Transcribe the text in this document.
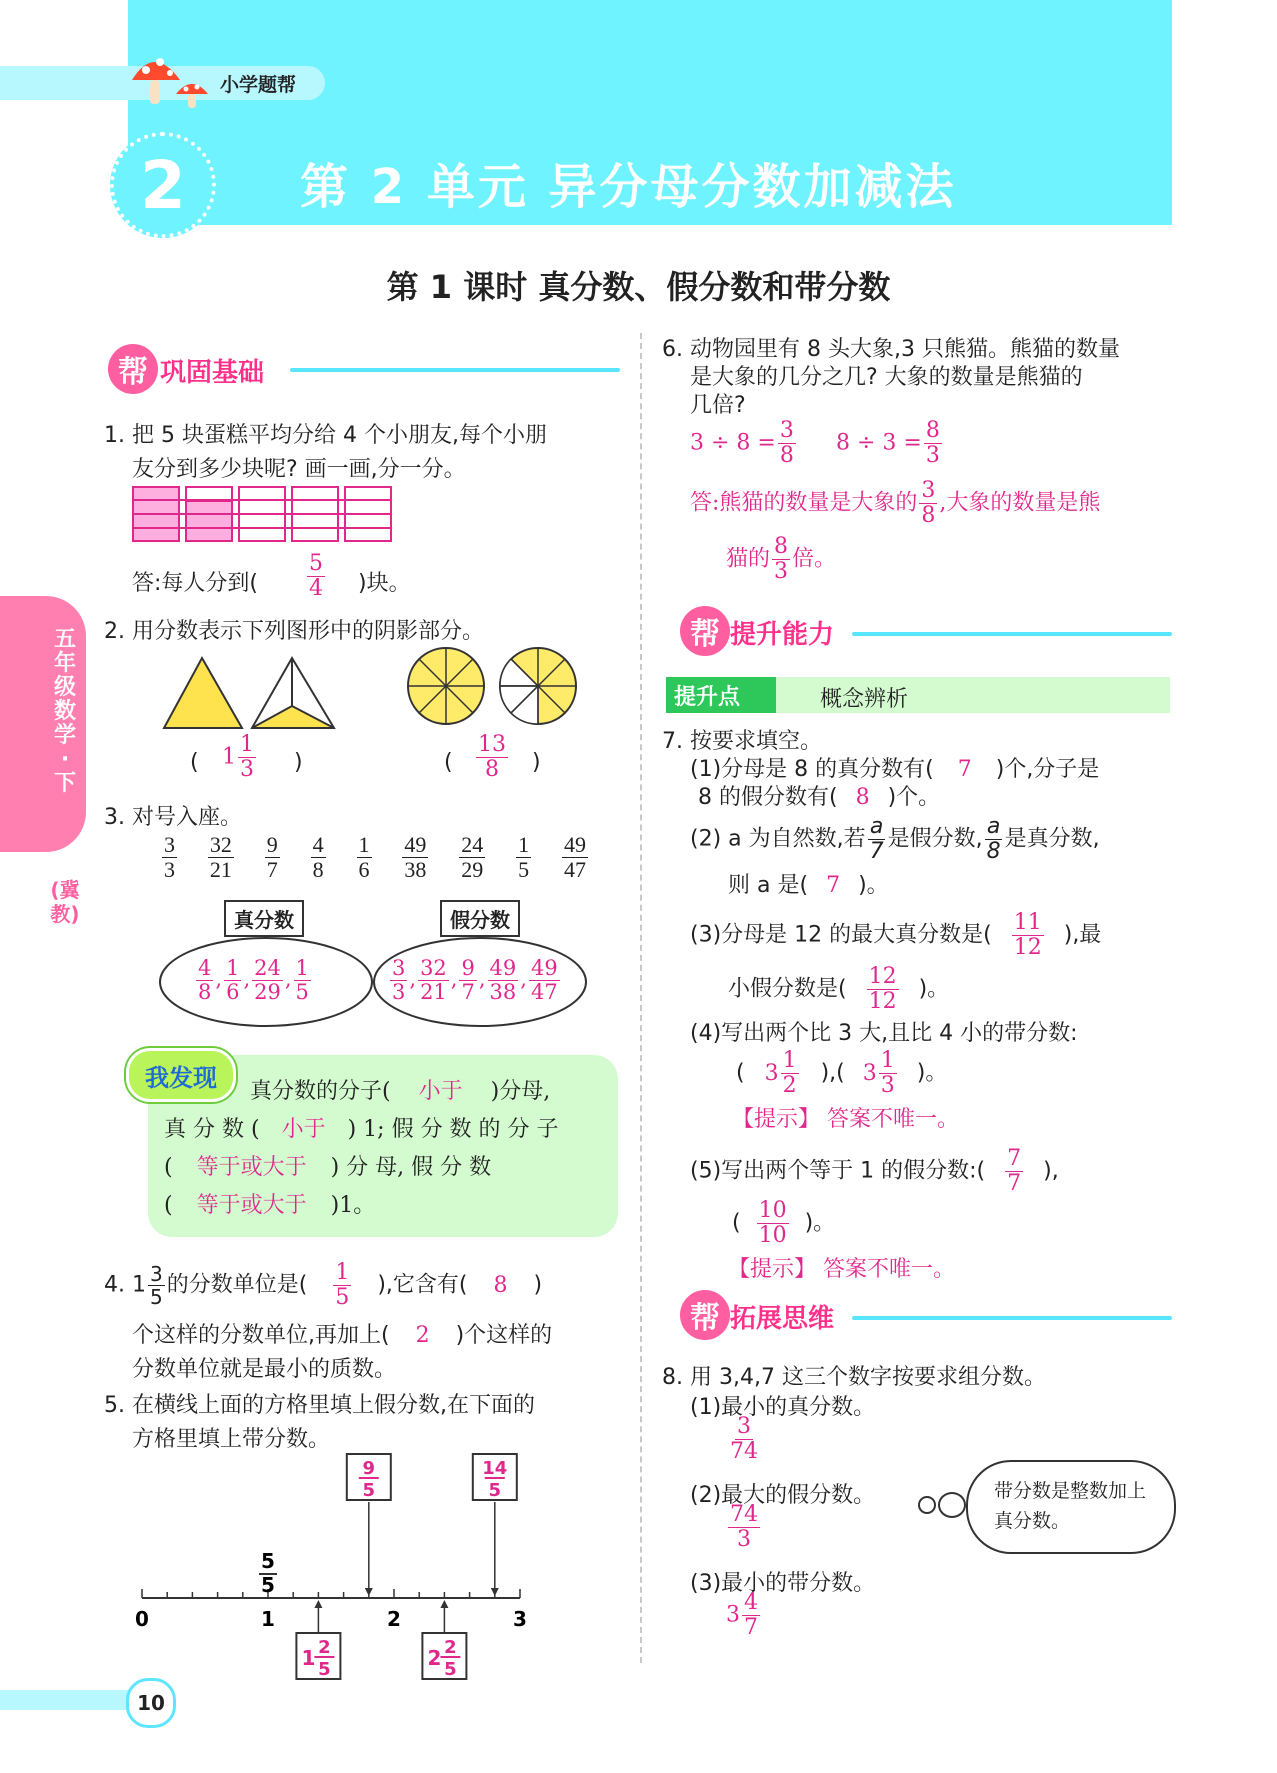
小学题帮
2 第 2 单元 异分母分数加减法
第 1 课时 真分数、假分数和带分数
五年级数学·下
(冀教)
帮 巩固基础
1. 把 5 块蛋糕平均分给 4 个小朋友,每个小朋
友分到多少块呢? 画一画,分一分。
答:每人分到( $\frac{5}{4}$ )块。
2. 用分数表示下列图形中的阴影部分。
( $1 \frac{1}{3}$ )	( $\frac{13}{8}$ )
3. 对号入座。
$\frac{3}{3} \frac{32}{21} \frac{9}{7} \frac{4}{8} \frac{1}{6} \frac{49}{38} \frac{24}{29} \frac{1}{5} \frac{49}{47}$
真分数	假分数
$\frac{4}{8}$ , $\frac{1}{6}$ , $\frac{24}{29}$ , $\frac{1}{5}$	$\frac{3}{3}$ , $\frac{32}{21}$ , $\frac{9}{7}$ , $\frac{49}{38}$ , $\frac{49}{47}$
我发现	真分数的分子( 小于 )分母,
真 分 数 ( 小于 ) 1; 假 分 数 的 分 子
( 等于或大于 ) 分 母, 假 分 数
( 等于或大于 )1。
4. $1 \frac{3}{5}$ 的分数单位是( $\frac{1}{5}$ ),它含有( 8 )
个这样的分数单位,再加上( 2 )个这样的
分数单位就是最小的质数。
5. 在横线上面的方格里填上假分数,在下面的
方格里填上带分数。
0	1	2	3
5
5
9
5
14
5
1 2
5	2 2
5
6. 动物园里有 8 头大象,3 只熊猫。熊猫的数量
是大象的几分之几? 大象的数量是熊猫的
几倍?
$3 \div 8 = \frac{3}{8} 8 \div 3 = \frac{8}{3}$
答:熊猫的数量是大象的 $\frac{3}{8}$ ,大象的数量是熊
猫的 $\frac{8}{3}$ 倍。
帮 提升能力
提升点	概念辨析
7. 按要求填空。
(1)分母是 8 的真分数有( 7 )个,分子是
8 的假分数有( 8 )个。
(2) a 为自然数,若 $\frac{a}{7}$ 是假分数, $\frac{a}{8}$ 是真分数,
则 a 是( 7 )。
(3)分母是 12 的最大真分数是( $\frac{11}{12}$ ),最
小假分数是( $\frac{12}{12}$ )。
(4)写出两个比 3 大,且比 4 小的带分数:
( $3 \frac{1}{2}$ ),( $3 \frac{1}{3}$ )。
【提示】 答案不唯一。
(5)写出两个等于 1 的假分数:( $\frac{7}{7}$ ),
( $\frac{10}{10}$ )。
【提示】 答案不唯一。
帮 拓展思维
8. 用 3,4,7 这三个数字按要求组分数。
(1)最小的真分数。
$\frac{3}{74}$
(2)最大的假分数。
$\frac{74}{3}$
(3)最小的带分数。
$3 \frac{4}{7}$
带分数是整数加上真分数。
10
